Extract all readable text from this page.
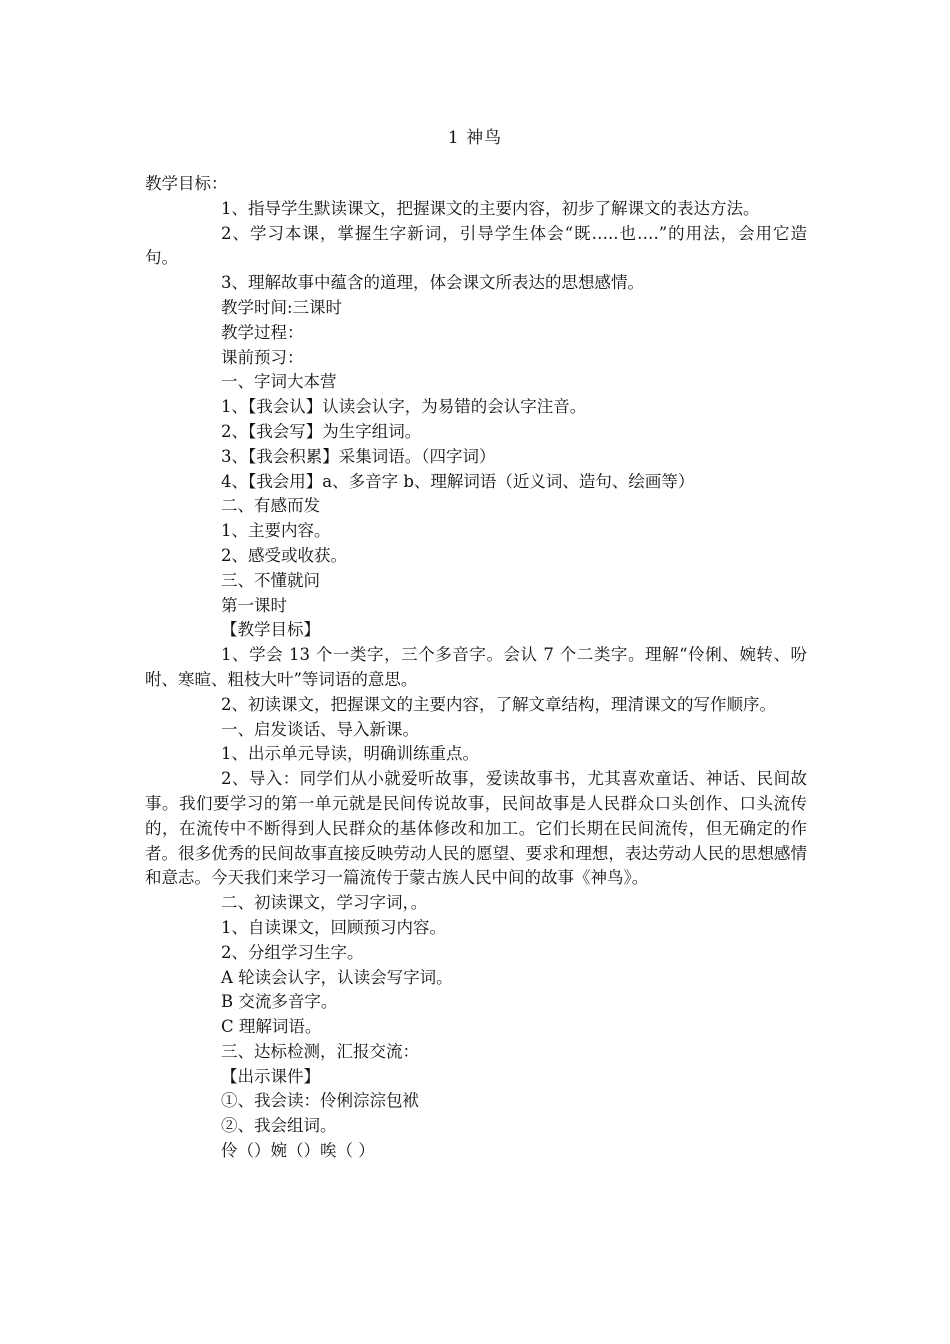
1 神鸟

教学目标：

1、指导学生默读课文，把握课文的主要内容，初步了解课文的表达方法。

2、学习本课，掌握生字新词，引导学生体会“既…..也….”的用法，会用它造句。

3、理解故事中蕴含的道理，体会课文所表达的思想感情。

教学时间:三课时

教学过程：

课前预习：

一、字词大本营

1、【我会认】认读会认字，为易错的会认字注音。

2、【我会写】为生字组词。

3、【我会积累】采集词语。（四字词）

4、【我会用】a、多音字 b、理解词语（近义词、造句、绘画等）

二、有感而发

1、主要内容。

2、感受或收获。

三、不懂就问

第一课时

【教学目标】

1、学会 13 个一类字，三个多音字。会认 7 个二类字。理解“伶俐、婉转、吩咐、寒暄、粗枝大叶”等词语的意思。

2、初读课文，把握课文的主要内容，了解文章结构，理清课文的写作顺序。

一、启发谈话、导入新课。

1、出示单元导读，明确训练重点。

2、导入：同学们从小就爱听故事，爱读故事书，尤其喜欢童话、神话、民间故事。我们要学习的第一单元就是民间传说故事，民间故事是人民群众口头创作、口头流传的，在流传中不断得到人民群众的基体修改和加工。它们长期在民间流传，但无确定的作者。很多优秀的民间故事直接反映劳动人民的愿望、要求和理想，表达劳动人民的思想感情和意志。今天我们来学习一篇流传于蒙古族人民中间的故事《神鸟》。

二、初读课文，学习字词，。

1、自读课文，回顾预习内容。

2、分组学习生字。

A 轮读会认字，认读会写字词。

B 交流多音字。

C 理解词语。

三、达标检测，汇报交流：

【出示课件】

①、我会读：伶俐淙淙包袱

②、我会组词。

伶（）婉（）唉（ ）
